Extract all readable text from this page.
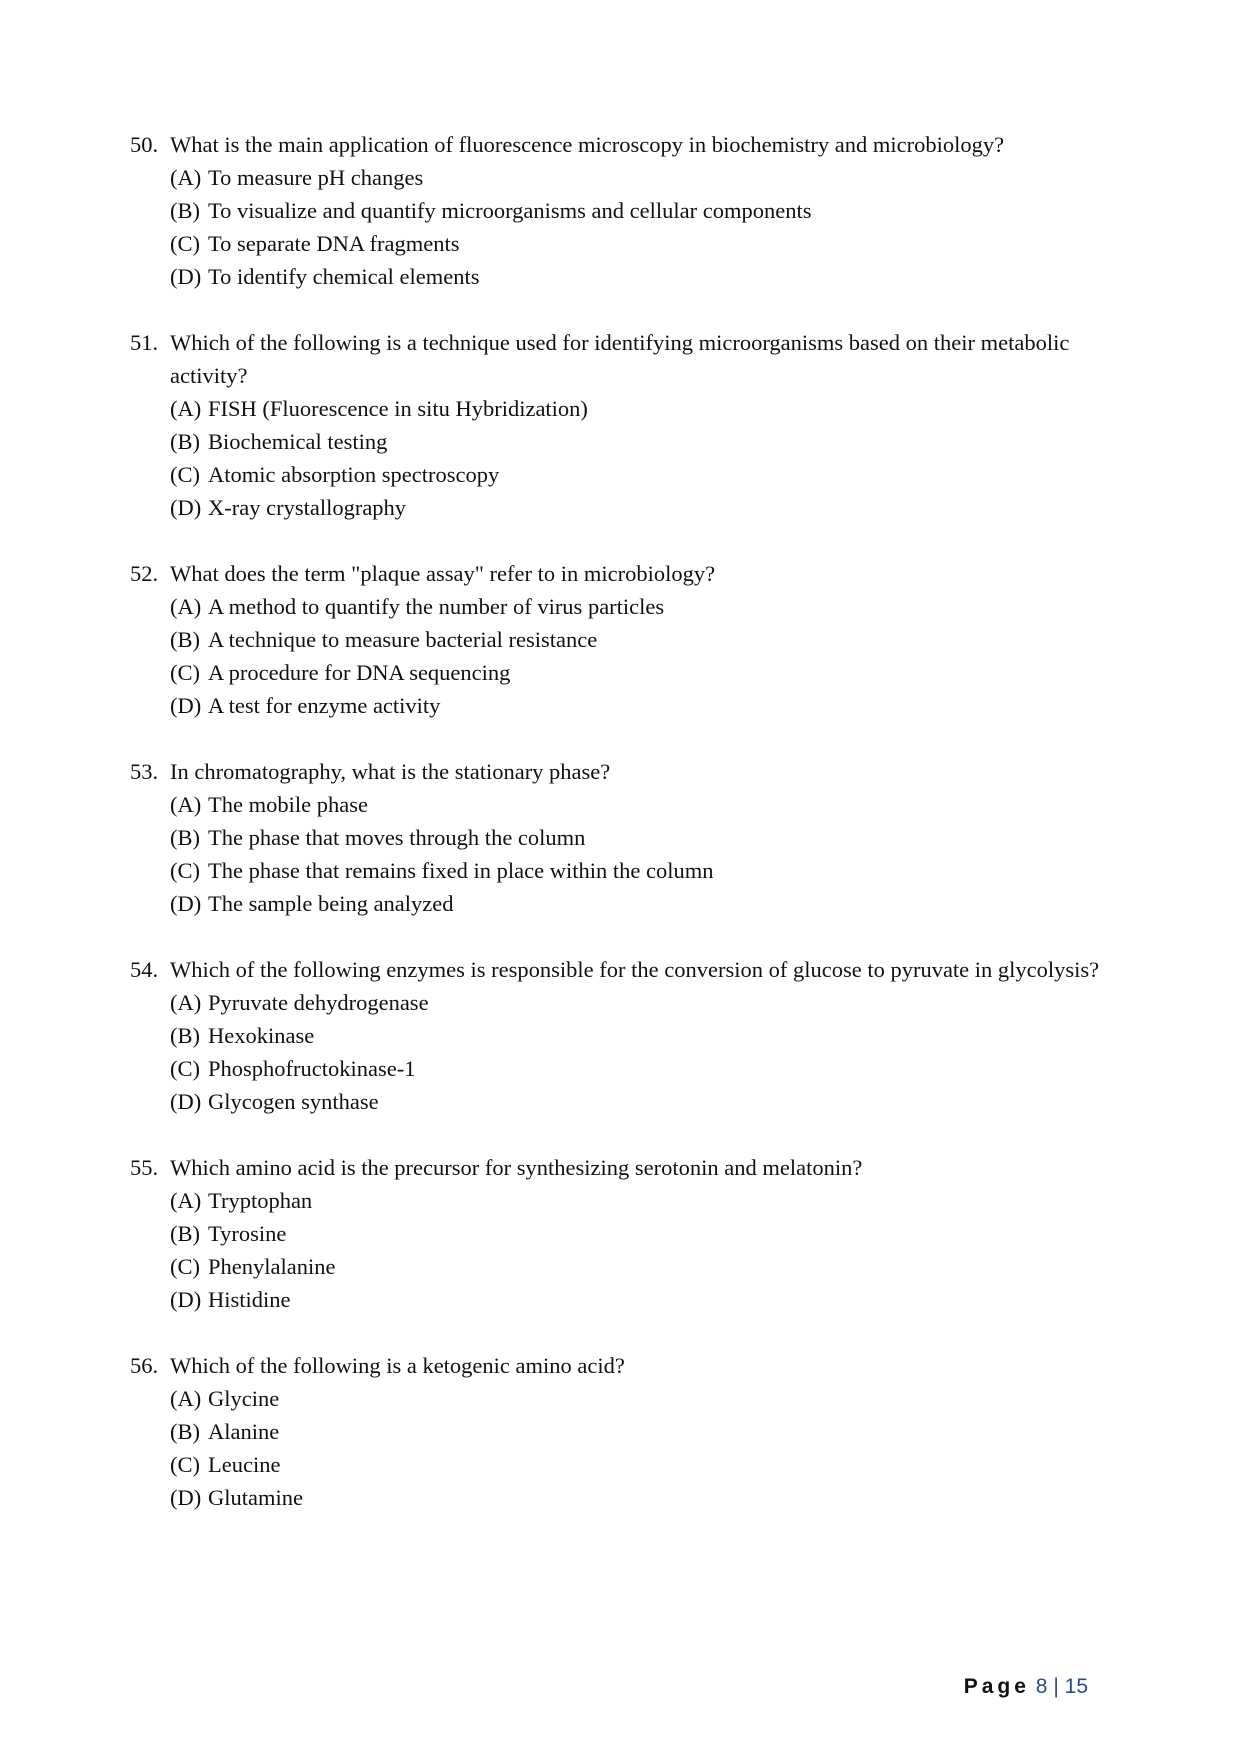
50. What is the main application of fluorescence microscopy in biochemistry and microbiology?
(A) To measure pH changes
(B) To visualize and quantify microorganisms and cellular components
(C) To separate DNA fragments
(D) To identify chemical elements
51. Which of the following is a technique used for identifying microorganisms based on their metabolic activity?
(A) FISH (Fluorescence in situ Hybridization)
(B) Biochemical testing
(C) Atomic absorption spectroscopy
(D) X-ray crystallography
52. What does the term "plaque assay" refer to in microbiology?
(A) A method to quantify the number of virus particles
(B) A technique to measure bacterial resistance
(C) A procedure for DNA sequencing
(D) A test for enzyme activity
53. In chromatography, what is the stationary phase?
(A) The mobile phase
(B) The phase that moves through the column
(C) The phase that remains fixed in place within the column
(D) The sample being analyzed
54. Which of the following enzymes is responsible for the conversion of glucose to pyruvate in glycolysis?
(A) Pyruvate dehydrogenase
(B) Hexokinase
(C) Phosphofructokinase-1
(D) Glycogen synthase
55. Which amino acid is the precursor for synthesizing serotonin and melatonin?
(A) Tryptophan
(B) Tyrosine
(C) Phenylalanine
(D) Histidine
56. Which of the following is a ketogenic amino acid?
(A) Glycine
(B) Alanine
(C) Leucine
(D) Glutamine
Page 8 | 15
